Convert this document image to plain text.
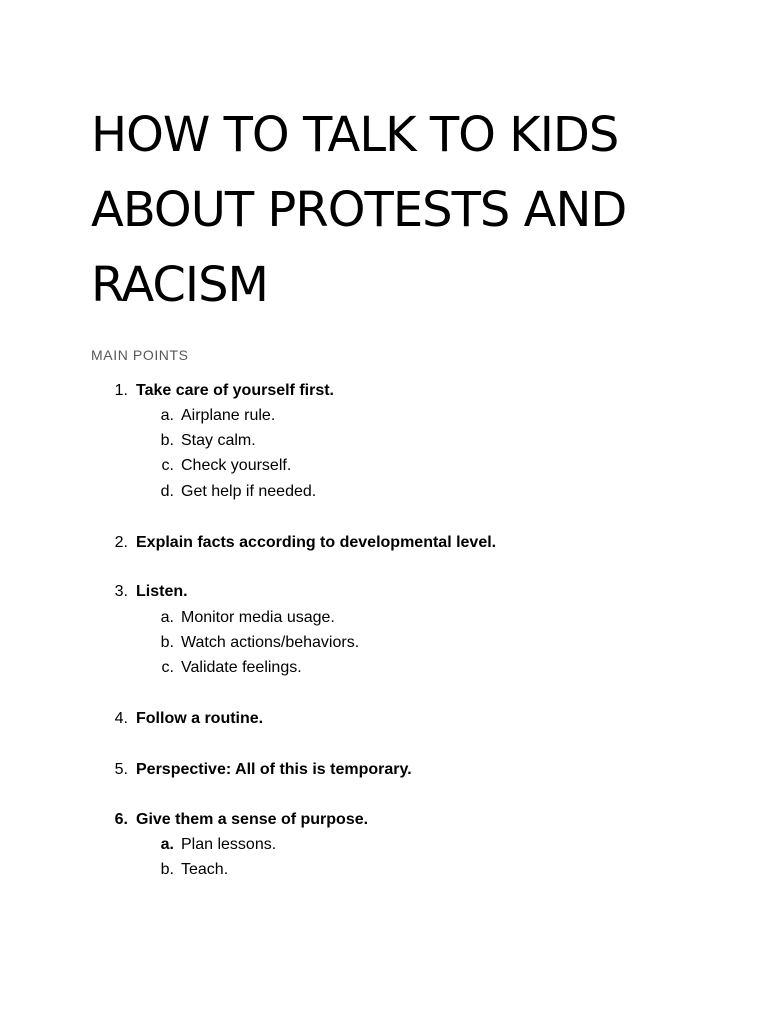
HOW TO TALK TO KIDS
ABOUT PROTESTS AND
RACISM
MAIN POINTS
1. Take care of yourself first.
a. Airplane rule.
b. Stay calm.
c. Check yourself.
d. Get help if needed.
2. Explain facts according to developmental level.
3. Listen.
a. Monitor media usage.
b. Watch actions/behaviors.
c. Validate feelings.
4. Follow a routine.
5. Perspective: All of this is temporary.
6. Give them a sense of purpose.
a. Plan lessons.
b. Teach.
